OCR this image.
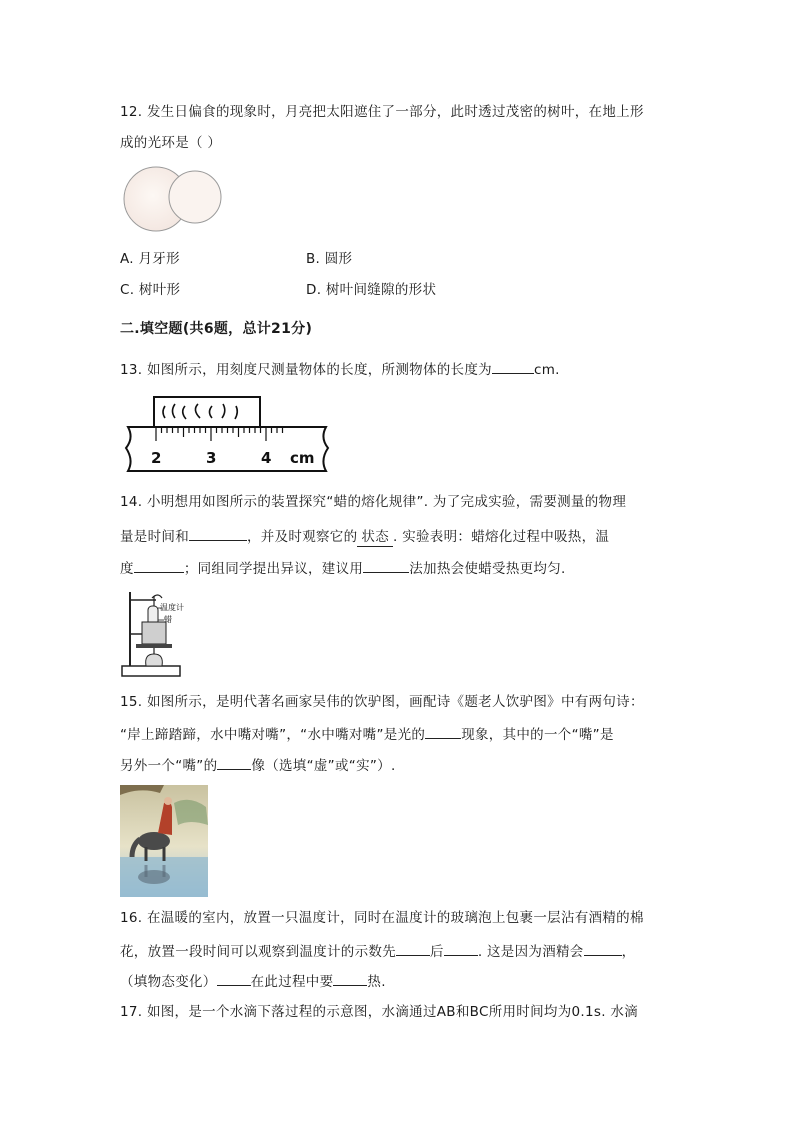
12. 发生日偏食的现象时，月亮把太阳遮住了一部分，此时透过茂密的树叶，在地上形
成的光环是（ ）
A. 月牙形	B. 圆形
C. 树叶形	D. 树叶间缝隙的形状
二.填空题(共6题，总计21分)
13. 如图所示，用刻度尺测量物体的长度，所测物体的长度为	cm.
2	3	4 cm
14. 小明想用如图所示的装置探究“蜡的熔化规律”. 为了完成实验，需要测量的物理
量是时间和	，并及时观察它的 状态 . 实验表明：蜡熔化过程中吸热，温
度	；同组同学提出异议，建议用	法加热会使蜡受热更均匀.
温度计
蜡
15. 如图所示，是明代著名画家吴伟的饮驴图，画配诗《题老人饮驴图》中有两句诗：
“岸上蹄踏蹄，水中嘴对嘴”，“水中嘴对嘴”是光的	现象，其中的一个“嘴”是
另外一个“嘴”的	像（选填“虚”或“实”）.
16. 在温暖的室内，放置一只温度计，同时在温度计的玻璃泡上包裹一层沾有酒精的棉
花，放置一段时间可以观察到温度计的示数先	后	. 这是因为酒精会	，
（填物态变化）	在此过程中要	热.
17. 如图，是一个水滴下落过程的示意图，水滴通过AB和BC所用时间均为0.1s. 水滴
